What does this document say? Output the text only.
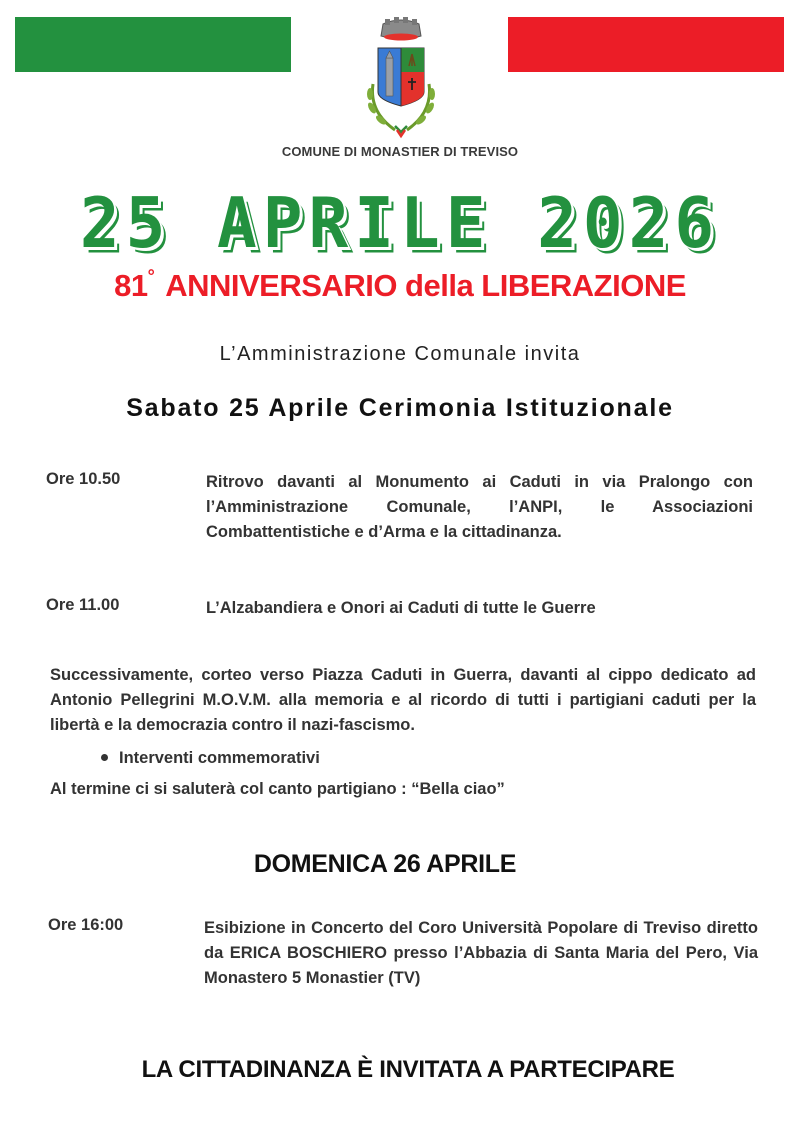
COMUNE DI MONASTIER DI TREVISO
25 APRILE 2026
81° ANNIVERSARIO della LIBERAZIONE
L’Amministrazione Comunale invita
Sabato 25 Aprile Cerimonia Istituzionale
Ore 10.50	Ritrovo davanti al Monumento ai Caduti in via Pralongo con l’Amministrazione Comunale, l’ANPI, le Associazioni Combattentistiche e d’Arma e la cittadinanza.
Ore 11.00	L’Alzabandiera e Onori ai Caduti di tutte le Guerre
Successivamente, corteo verso Piazza Caduti in Guerra, davanti al cippo dedicato ad Antonio Pellegrini M.O.V.M. alla memoria e al ricordo di tutti i partigiani caduti per la libertà e la democrazia contro il nazi-fascismo.
Interventi commemorativi
Al termine ci si saluterà col canto partigiano : “Bella ciao”
DOMENICA 26 APRILE
Ore 16:00	Esibizione in Concerto del Coro Università Popolare di Treviso diretto da ERICA BOSCHIERO presso l’Abbazia di Santa Maria del Pero, Via Monastero 5 Monastier (TV)
LA CITTADINANZA È INVITATA A PARTECIPARE
